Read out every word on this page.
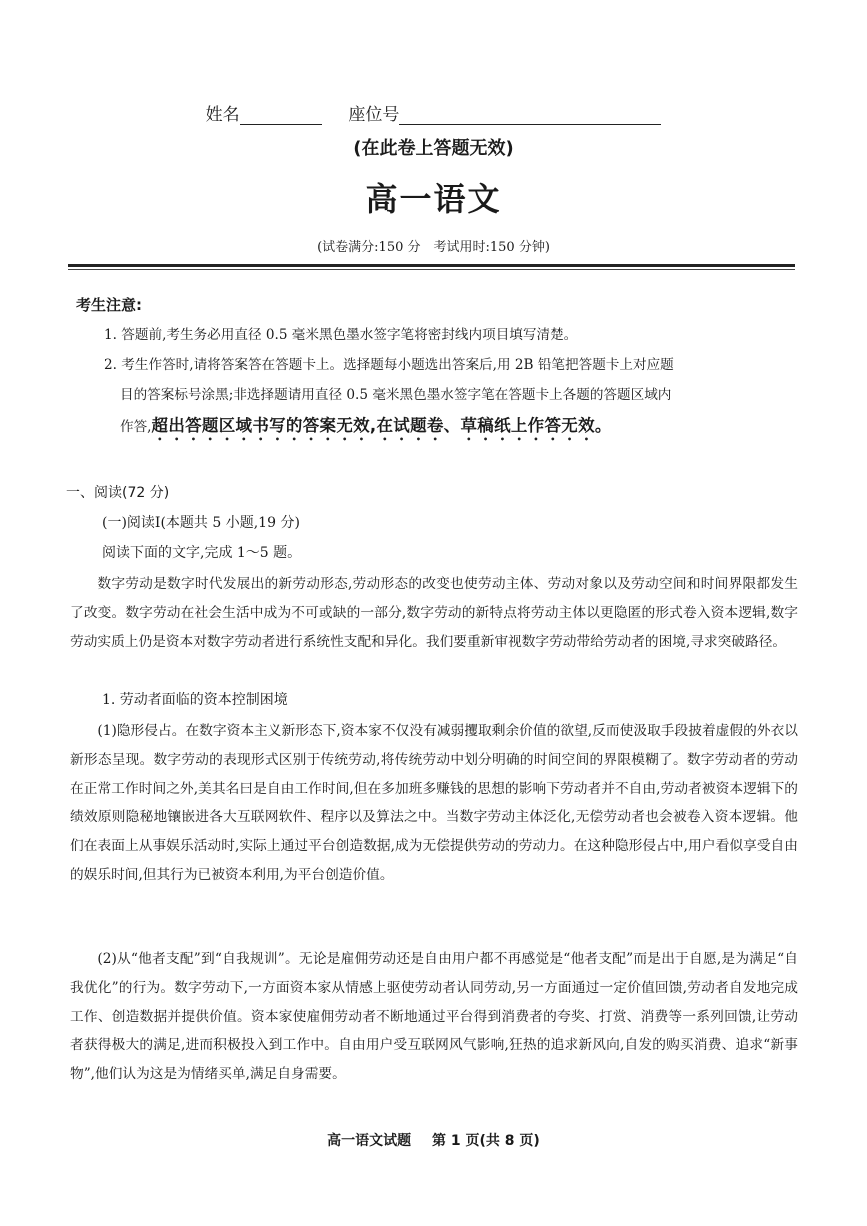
姓名	座位号
(在此卷上答题无效)
高一语文
(试卷满分:150 分　考试用时:150 分钟)
考生注意:
1. 答题前,考生务必用直径 0.5 毫米黑色墨水签字笔将密封线内项目填写清楚。
2. 考生作答时,请将答案答在答题卡上。选择题每小题选出答案后,用 2B 铅笔把答题卡上对应题
目的答案标号涂黑;非选择题请用直径 0.5 毫米黑色墨水签字笔在答题卡上各题的答题区域内
作答,超出答题区域书写的答案无效,在试题卷、草稿纸上作答无效。
一、阅读(72 分)
(一)阅读Ⅰ(本题共 5 小题,19 分)
阅读下面的文字,完成 1～5 题。
数字劳动是数字时代发展出的新劳动形态,劳动形态的改变也使劳动主体、劳动对象以及劳动空间和时间界限都发生了改变。数字劳动在社会生活中成为不可或缺的一部分,数字劳动的新特点将劳动主体以更隐匿的形式卷入资本逻辑,数字劳动实质上仍是资本对数字劳动者进行系统性支配和异化。我们要重新审视数字劳动带给劳动者的困境,寻求突破路径。
1. 劳动者面临的资本控制困境
(1)隐形侵占。在数字资本主义新形态下,资本家不仅没有减弱攫取剩余价值的欲望,反而使汲取手段披着虚假的外衣以新形态呈现。数字劳动的表现形式区别于传统劳动,将传统劳动中划分明确的时间空间的界限模糊了。数字劳动者的劳动在正常工作时间之外,美其名曰是自由工作时间,但在多加班多赚钱的思想的影响下劳动者并不自由,劳动者被资本逻辑下的绩效原则隐秘地镶嵌进各大互联网软件、程序以及算法之中。当数字劳动主体泛化,无偿劳动者也会被卷入资本逻辑。他们在表面上从事娱乐活动时,实际上通过平台创造数据,成为无偿提供劳动的劳动力。在这种隐形侵占中,用户看似享受自由的娱乐时间,但其行为已被资本利用,为平台创造价值。
(2)从“他者支配”到“自我规训”。无论是雇佣劳动还是自由用户都不再感觉是“他者支配”而是出于自愿,是为满足“自我优化”的行为。数字劳动下,一方面资本家从情感上驱使劳动者认同劳动,另一方面通过一定价值回馈,劳动者自发地完成工作、创造数据并提供价值。资本家使雇佣劳动者不断地通过平台得到消费者的夸奖、打赏、消费等一系列回馈,让劳动者获得极大的满足,进而积极投入到工作中。自由用户受互联网风气影响,狂热的追求新风向,自发的购买消费、追求“新事物”,他们认为这是为情绪买单,满足自身需要。
高一语文试题 第 1 页(共 8 页)
